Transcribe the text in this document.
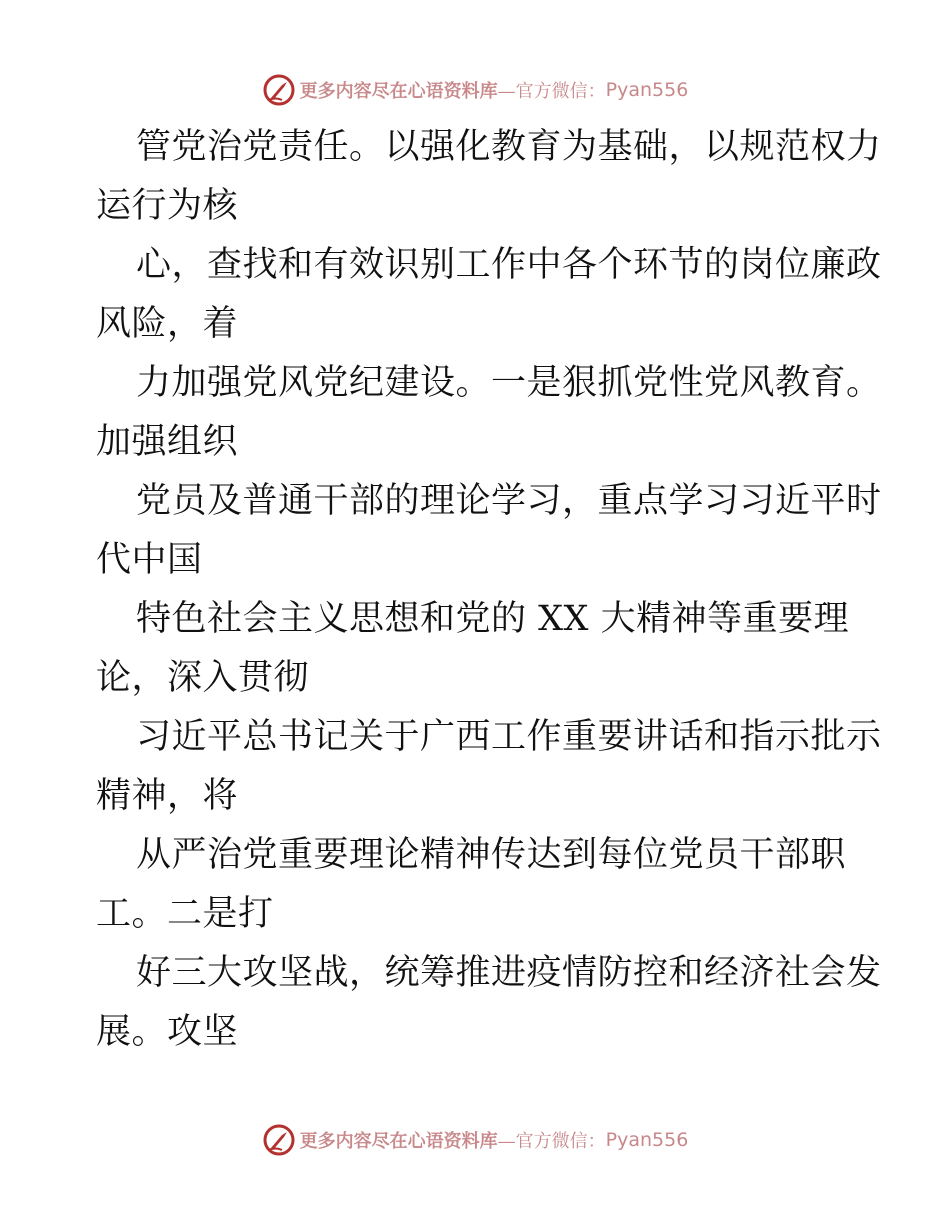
更多内容尽在心语资料库 —官方微信： Pyan556
管党治党责任。以强化教育为基础，以规范权力
运行为核
心，查找和有效识别工作中各个环节的岗位廉政
风险，着
力加强党风党纪建设。一是狠抓党性党风教育。
加强组织
党员及普通干部的理论学习，重点学习习近平时
代中国
特色社会主义思想和党的 XX 大精神等重要理
论，深入贯彻
习近平总书记关于广西工作重要讲话和指示批示
精神，将
从严治党重要理论精神传达到每位党员干部职
工。二是打
好三大攻坚战，统筹推进疫情防控和经济社会发
展。攻坚
更多内容尽在心语资料库 —官方微信： Pyan556
